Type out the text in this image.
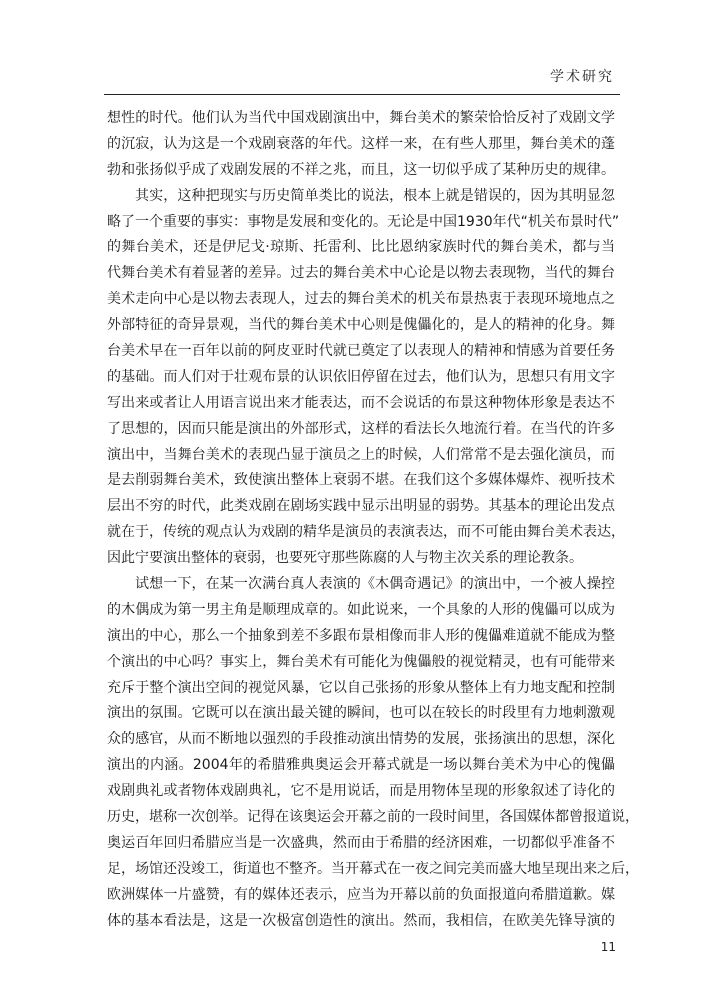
学术研究
想性的时代。他们认为当代中国戏剧演出中，舞台美术的繁荣恰恰反衬了戏剧文学
的沉寂，认为这是一个戏剧衰落的年代。这样一来，在有些人那里，舞台美术的蓬
勃和张扬似乎成了戏剧发展的不祥之兆，而且，这一切似乎成了某种历史的规律。
其实，这种把现实与历史简单类比的说法，根本上就是错误的，因为其明显忽
略了一个重要的事实：事物是发展和变化的。无论是中国1930年代“机关布景时代”
的舞台美术，还是伊尼戈·琼斯、托雷利、比比恩纳家族时代的舞台美术，都与当
代舞台美术有着显著的差异。过去的舞台美术中心论是以物去表现物，当代的舞台
美术走向中心是以物去表现人，过去的舞台美术的机关布景热衷于表现环境地点之
外部特征的奇异景观，当代的舞台美术中心则是傀儡化的，是人的精神的化身。舞
台美术早在一百年以前的阿皮亚时代就已奠定了以表现人的精神和情感为首要任务
的基础。而人们对于壮观布景的认识依旧停留在过去，他们认为，思想只有用文字
写出来或者让人用语言说出来才能表达，而不会说话的布景这种物体形象是表达不
了思想的，因而只能是演出的外部形式，这样的看法长久地流行着。在当代的许多
演出中，当舞台美术的表现凸显于演员之上的时候，人们常常不是去强化演员，而
是去削弱舞台美术，致使演出整体上衰弱不堪。在我们这个多媒体爆炸、视听技术
层出不穷的时代，此类戏剧在剧场实践中显示出明显的弱势。其基本的理论出发点
就在于，传统的观点认为戏剧的精华是演员的表演表达，而不可能由舞台美术表达，
因此宁要演出整体的衰弱，也要死守那些陈腐的人与物主次关系的理论教条。
试想一下，在某一次满台真人表演的《木偶奇遇记》的演出中，一个被人操控
的木偶成为第一男主角是顺理成章的。如此说来，一个具象的人形的傀儡可以成为
演出的中心，那么一个抽象到差不多跟布景相像而非人形的傀儡难道就不能成为整
个演出的中心吗？事实上，舞台美术有可能化为傀儡般的视觉精灵，也有可能带来
充斥于整个演出空间的视觉风暴，它以自己张扬的形象从整体上有力地支配和控制
演出的氛围。它既可以在演出最关键的瞬间，也可以在较长的时段里有力地刺激观
众的感官，从而不断地以强烈的手段推动演出情势的发展，张扬演出的思想，深化
演出的内涵。2004年的希腊雅典奥运会开幕式就是一场以舞台美术为中心的傀儡
戏剧典礼或者物体戏剧典礼，它不是用说话，而是用物体呈现的形象叙述了诗化的
历史，堪称一次创举。记得在该奥运会开幕之前的一段时间里，各国媒体都曾报道说，
奥运百年回归希腊应当是一次盛典，然而由于希腊的经济困难，一切都似乎准备不
足，场馆还没竣工，街道也不整齐。当开幕式在一夜之间完美而盛大地呈现出来之后，
欧洲媒体一片盛赞，有的媒体还表示，应当为开幕以前的负面报道向希腊道歉。媒
体的基本看法是，这是一次极富创造性的演出。然而，我相信，在欧美先锋导演的
11
